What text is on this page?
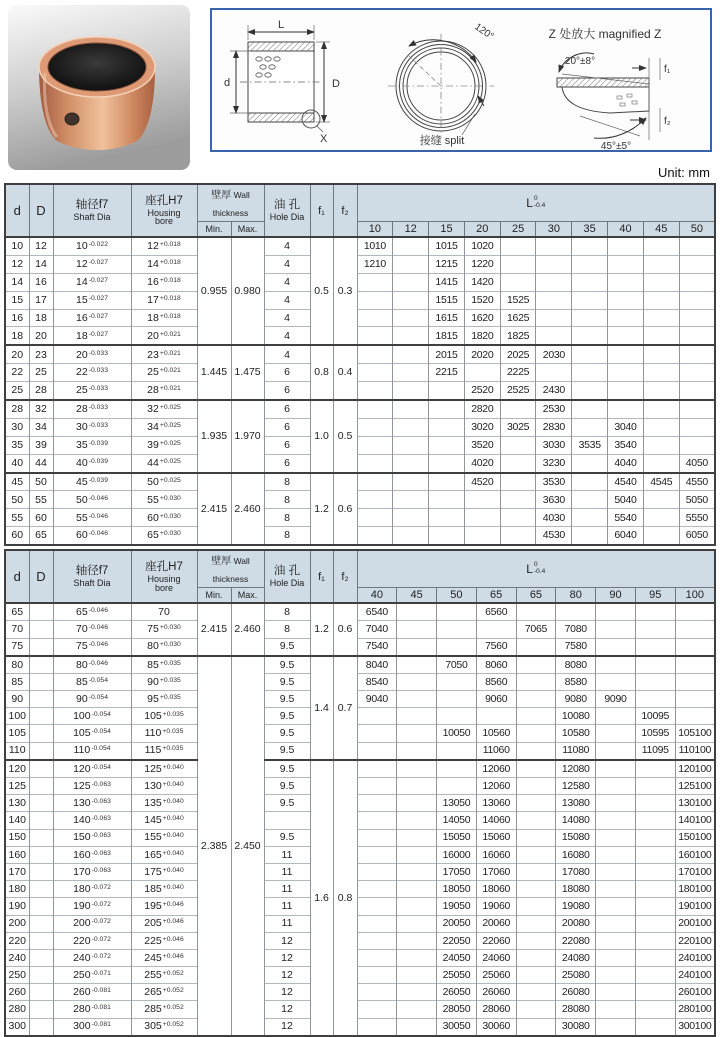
L
d	D
X
120°
接缝 split
Z 处放大 magnified Z
20°±8°
f₁
f₂
45°±5°
Unit: mm
d	D	轴径f7
Shaft Dia

座孔H7
Housing
bore
	壁厚 Wall thickness	
油 孔
Hole Dia
	f₁	f₂	
L 0
-0.4

				Min.	Max.				10	12	15	20	25	30	35	40	45	50
10	12	$10^{-0.022}$	$12^{+0.018}$	0.955	0.980	4	0.5	0.3	1010		1015	1020						
12	14	$12^{-0.027}$	$14^{+0.018}$			4			1210		1215	1220						
14	16	$14^{-0.027}$	$16^{+0.018}$			4					1415	1420						
15	17	$15^{-0.027}$	$17^{+0.018}$			4					1515	1520	1525					
16	18	$16^{-0.027}$	$18^{+0.018}$			4					1615	1620	1625					
18	20	$18^{-0.027}$	$20^{+0.021}$			4					1815	1820	1825					
20	23	$20^{-0.033}$	$23^{+0.021}$	1.445	1.475	4	0.8	0.4			2015	2020	2025	2030				
22	25	$22^{-0.033}$	$25^{+0.021}$			6					2215		2225					
25	28	$25^{-0.033}$	$28^{+0.021}$			6						2520	2525	2430				
28	32	$28^{-0.033}$	$32^{+0.025}$	1.935	1.970	6	1.0	0.5				2820		2530				
30	34	$30^{-0.033}$	$34^{+0.025}$			6						3020	3025	2830		3040		
35	39	$35^{-0.039}$	$39^{+0.025}$			6						3520		3030	3535	3540		
40	44	$40^{-0.039}$	$44^{+0.025}$			6						4020		3230		4040		4050
45	50	$45^{-0.039}$	$50^{+0.025}$	2.415	2.460	8	1.2	0.6				4520		3530		4540	4545	4550
50	55	$50^{-0.046}$	$55^{+0.030}$			8								3630		5040		5050
55	60	$55^{-0.046}$	$60^{+0.030}$			8								4030		5540		5550
60	65	$60^{-0.046}$	$65^{+0.030}$			8								4530		6040		6050
d	D	轴径f7
Shaft Dia

座孔H7
Housing
bore
	壁厚 Wall thickness	
油 孔
Hole Dia
	f₁	f₂	
L 0
-0.4

				Min.	Max.				40	45	50	65	65	80	90	95	100
65		$65^{-0.046}$	70	2.415	2.460	8	1.2	0.6	6540			6560					
70		$70^{-0.046}$	$75^{+0.030}$			8			7040				7065	7080			
75		$75^{-0.046}$	$80^{+0.030}$			9.5			7540			7560		7580			
80		$80^{-0.046}$	$85^{+0.035}$	2.385	2.450	9.5	1.4	0.7	8040		7050	8060		8080			
85		$85^{-0.054}$	$90^{+0.035}$			9.5			8540			8560		8580			
90		$90^{-0.054}$	$95^{+0.035}$			9.5			9040			9060		9080	9090		
100		$100^{-0.054}$	$105^{+0.035}$			9.5								10080		10095	
105		$105^{-0.054}$	$110^{+0.035}$			9.5					10050	10560		10580		10595	105100
110		$110^{-0.054}$	$115^{+0.035}$			9.5						11060		11080		11095	110100
120		$120^{-0.054}$	$125^{+0.040}$			9.5	1.6	0.8				12060		12080			120100
125		$125^{-0.063}$	$130^{+0.040}$			9.5						12060		12580			125100
130		$130^{-0.063}$	$135^{+0.040}$			9.5					13050	13060		13080			130100
140		$140^{-0.063}$	$145^{+0.040}$								14050	14060		14080			140100
150		$150^{-0.063}$	$155^{+0.040}$			9.5					15050	15060		15080			150100
160		$160^{-0.063}$	$165^{+0.040}$			11					16000	16060		16080			160100
170		$170^{-0.063}$	$175^{+0.040}$			11					17050	17060		17080			170100
180		$180^{-0.072}$	$185^{+0.040}$			11					18050	18060		18080			180100
190		$190^{-0.072}$	$195^{+0.046}$			11					19050	19060		19080			190100
200		$200^{-0.072}$	$205^{+0.046}$			11					20050	20060		20080			200100
220		$220^{-0.072}$	$225^{+0.046}$			12					22050	22060		22080			220100
240		$240^{-0.072}$	$245^{+0.046}$			12					24050	24060		24080			240100
250		$250^{-0.071}$	$255^{+0.052}$			12					25050	25060		25080			240100
260		$260^{-0.081}$	$265^{+0.052}$			12					26050	26060		26080			260100
280		$280^{-0.081}$	$285^{+0.052}$			12					28050	28060		28080			280100
300		$300^{-0.081}$	$305^{+0.052}$			12					30050	30060		30080			300100
